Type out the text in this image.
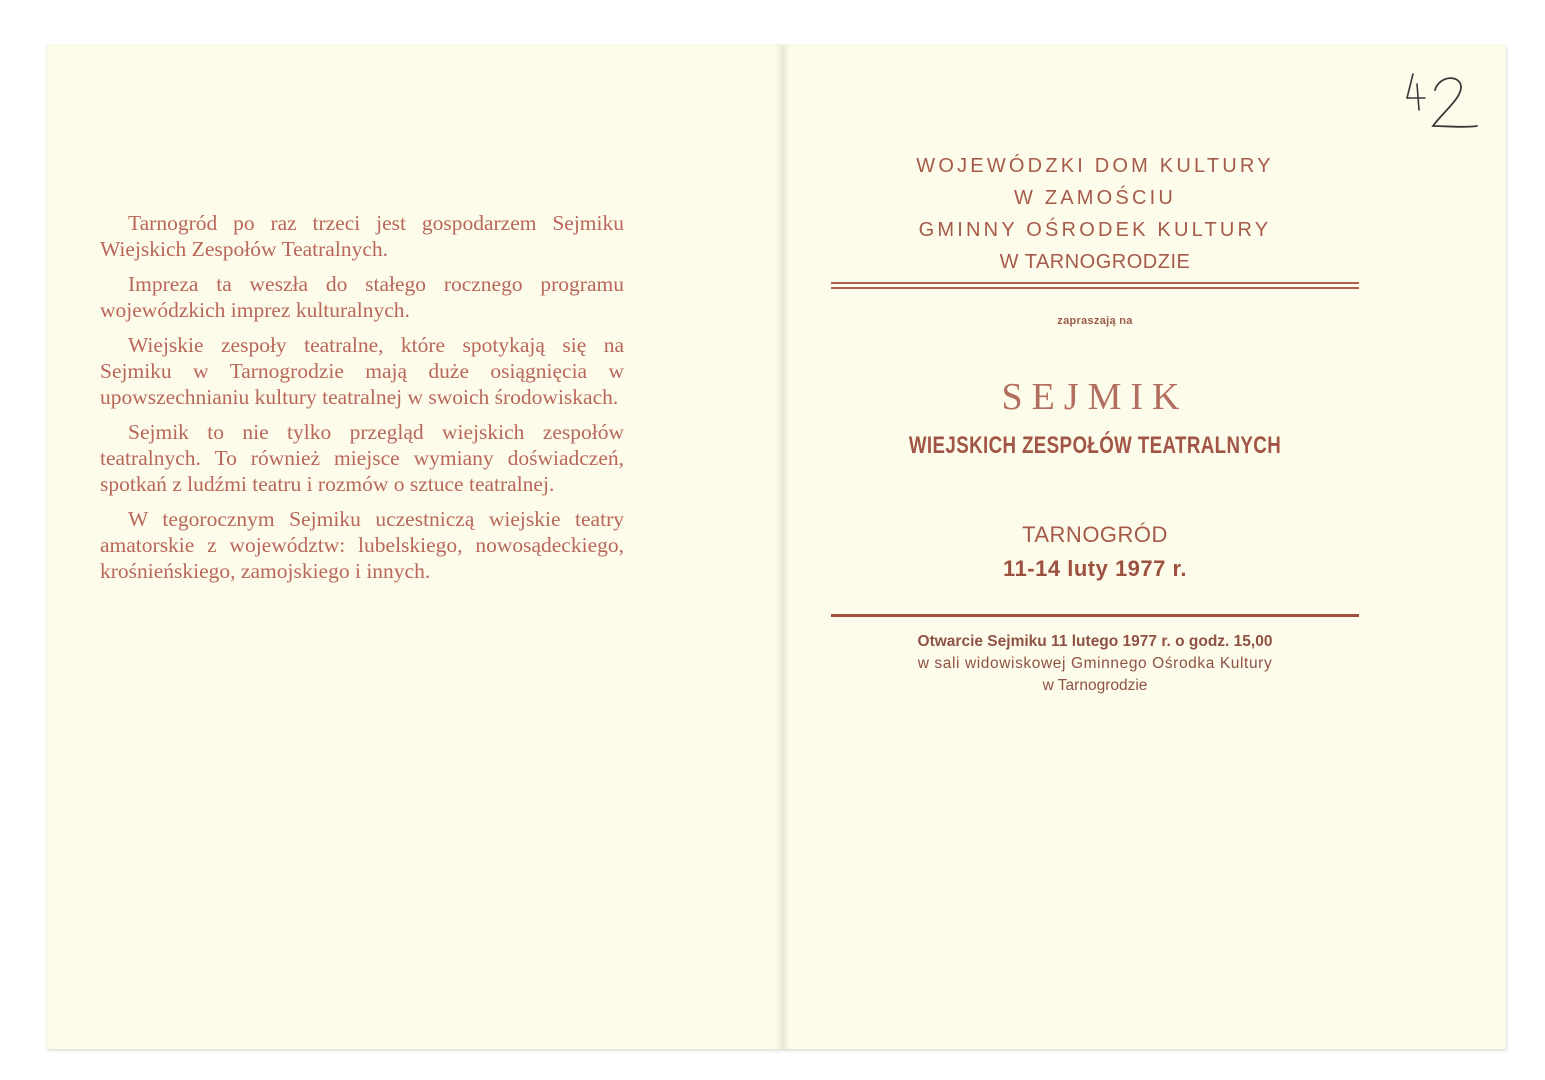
Tarnogród po raz trzeci jest gospodarzem Sejmiku Wiejskich Zespołów Teatralnych.

Impreza ta weszła do stałego rocznego programu wojewódzkich imprez kulturalnych.

Wiejskie zespoły teatralne, które spotykają się na Sejmiku w Tarnogrodzie mają duże osiągnięcia w upowszechnianiu kultury teatralnej w swoich środowiskach.

Sejmik to nie tylko przegląd wiejskich zespołów teatralnych. To również miejsce wymiany doświadczeń, spotkań z ludźmi teatru i rozmów o sztuce teatralnej.

W tegorocznym Sejmiku uczestniczą wiejskie teatry amatorskie z województw: lubelskiego, nowosądeckiego, krośnieńskiego, zamojskiego i innych.

WOJEWÓDZKI DOM KULTURY
W ZAMOŚCIU
GMINNY OŚRODEK KULTURY
W TARNOGRODZIE
zapraszają na
SEJMIK
WIEJSKICH ZESPOŁÓW TEATRALNYCH
TARNOGRÓD
11-14 luty 1977 r.
Otwarcie Sejmiku 11 lutego 1977 r. o godz. 15,00
w sali widowiskowej Gminnego Ośrodka Kultury
w Tarnogrodzie
